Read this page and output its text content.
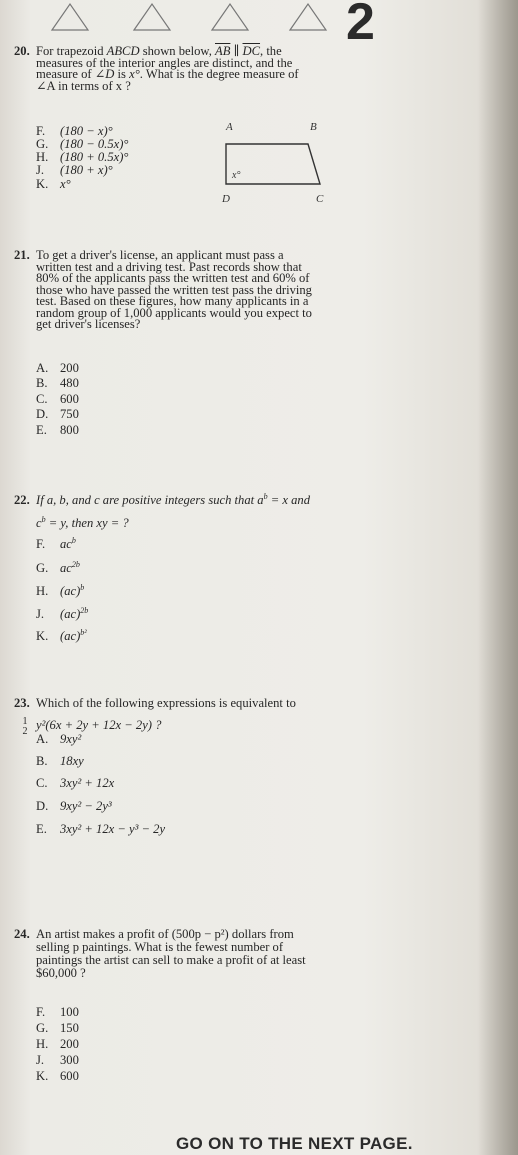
2
20. For trapezoid ABCD shown below, $\overline{AB}$ ∥ $\overline{DC}$, the
measures of the interior angles are distinct, and the
measure of ∠D is x°. What is the degree measure of
∠A in terms of x ?
F. (180 − x)°
G. (180 − 0.5x)°
H. (180 + 0.5x)°
J. (180 + x)°
K. x°
A	B
D	C
x°
21. To get a driver's license, an applicant must pass a
written test and a driving test. Past records show that
80% of the applicants pass the written test and 60% of
those who have passed the written test pass the driving
test. Based on these figures, how many applicants in a
random group of 1,000 applicants would you expect to
get driver's licenses?
A. 200
B. 480
C. 600
D. 750
E. 800
22. If a, b, and c are positive integers such that $a^b = x$ and
$c^b = y$, then xy = ?
F. $ac^b$
G. $ac^{2b}$
H. (ac)$^b$
J. (ac)$^{2b}$
K. (ac)$^{b^2}$
23. Which of the following expressions is equivalent to

$\frac{1}{2} y^2(6x + 2y + 12x - 2y)$ ?
A. 9xy²
B. 18xy
C. 3xy² + 12x
D. 9xy² − 2y³
E. 3xy² + 12x − y³ − 2y
24. An artist makes a profit of (500p − p²) dollars from
selling p paintings. What is the fewest number of
paintings the artist can sell to make a profit of at least
$60,000 ?
F. 100
G. 150
H. 200
J. 300
K. 600
GO ON TO THE NEXT PAGE.
